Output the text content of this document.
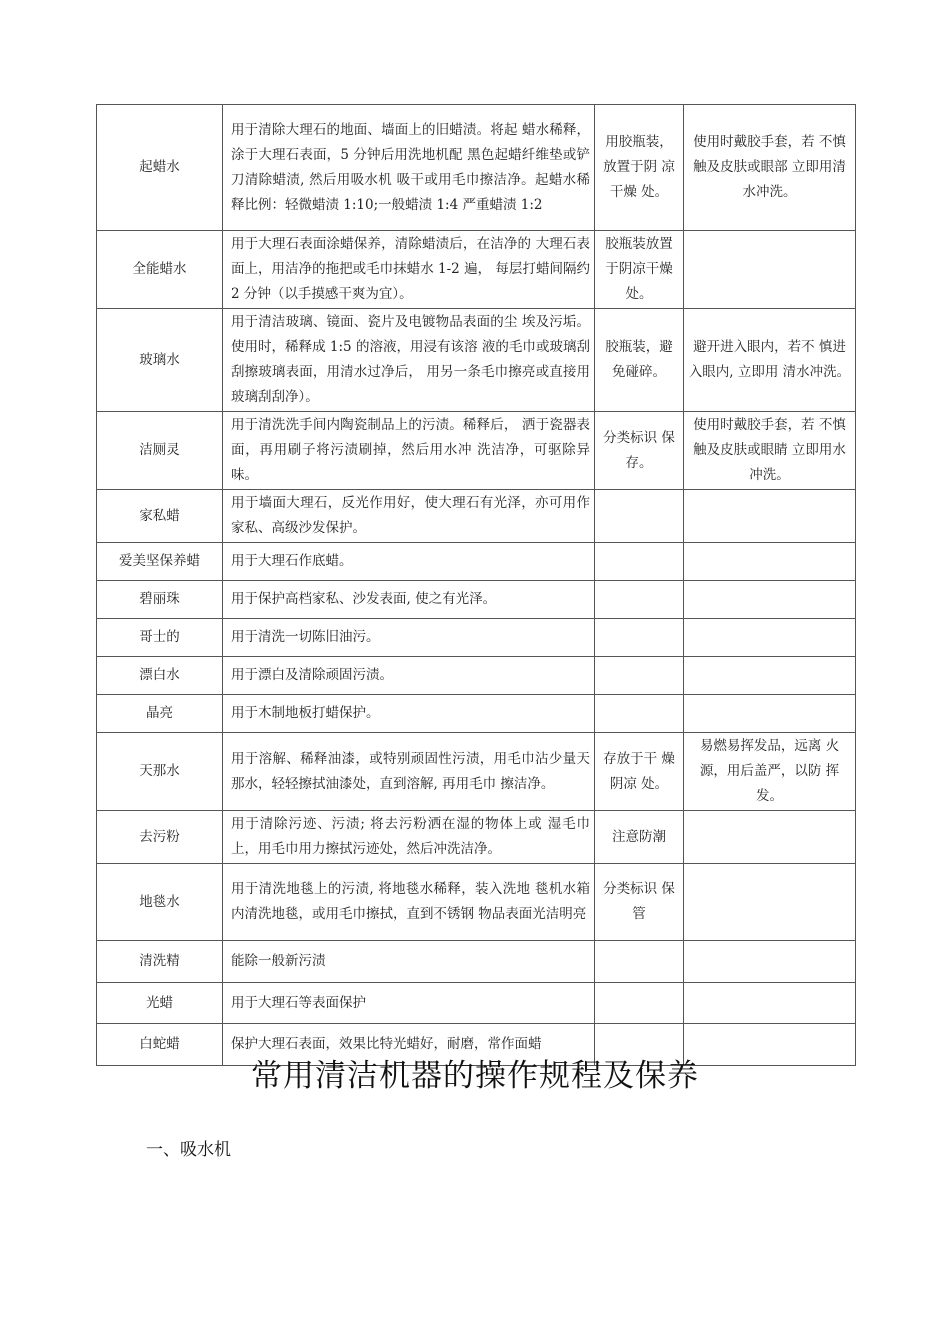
起蜡水	用于清除大理石的地面、墙面上的旧蜡渍。将起 蜡水稀释，涂于大理石表面，5 分钟后用洗地机配 黑色起蜡纤维垫或铲刀清除蜡渍, 然后用吸水机 吸干或用毛巾擦洁净。起蜡水稀释比例：轻微蜡渍 1:10;一般蜡渍 1:4 严重蜡渍 1:2	用胶瓶装，放置于阴 凉 干燥 处。	使用时戴胶手套，若 不慎触及皮肤或眼部 立即用清水冲洗。
全能蜡水	用于大理石表面涂蜡保养，清除蜡渍后，在洁净的 大理石表面上，用洁净的拖把或毛巾抹蜡水 1-2 遍， 每层打蜡间隔约 2 分钟（以手摸感干爽为宜）。	胶瓶装放置于阴凉干燥处。	
玻璃水	用于清洁玻璃、镜面、瓷片及电镀物品表面的尘 埃及污垢。使用时，稀释成 1:5 的溶液，用浸有该溶 液的毛巾或玻璃刮刮擦玻璃表面，用清水过净后， 用另一条毛巾擦亮或直接用玻璃刮刮净）。	胶瓶装，避免碰碎。	避开进入眼内，若不 慎进入眼内, 立即用 清水冲洗。
洁厕灵	用于清洗洗手间内陶瓷制品上的污渍。稀释后， 洒于瓷器表面，再用刷子将污渍刷掉，然后用水冲 洗洁净，可驱除异味。	分类标识 保存。	使用时戴胶手套，若 不慎触及皮肤或眼睛 立即用水冲洗。
家私蜡	用于墙面大理石，反光作用好，使大理石有光泽，亦可用作家私、高级沙发保护。		
爱美坚保养蜡	用于大理石作底蜡。		
碧丽珠	用于保护高档家私、沙发表面, 使之有光泽。		
哥士的	用于清洗一切陈旧油污。		
漂白水	用于漂白及清除顽固污渍。		
晶亮	用于木制地板打蜡保护。		
天那水	用于溶解、稀释油漆，或特别顽固性污渍，用毛巾沾少量天那水，轻轻擦拭油漆处，直到溶解, 再用毛巾 擦洁净。	存放于干 燥阴凉 处。	易燃易挥发品，远离 火源，用后盖严，以防 挥发。
去污粉	用于清除污迹、污渍; 将去污粉洒在湿的物体上或 湿毛巾上，用毛巾用力擦拭污迹处，然后冲洗洁净。	注意防潮	
地毯水	用于清洗地毯上的污渍, 将地毯水稀释，装入洗地 毯机水箱内清洗地毯，或用毛巾擦拭，直到不锈钢 物品表面光洁明亮	分类标识 保管	
清洗精	能除一般新污渍		
光蜡	用于大理石等表面保护		
白蛇蜡	保护大理石表面，效果比特光蜡好，耐磨，常作面蜡		
常用清洁机器的操作规程及保养
一、吸水机
